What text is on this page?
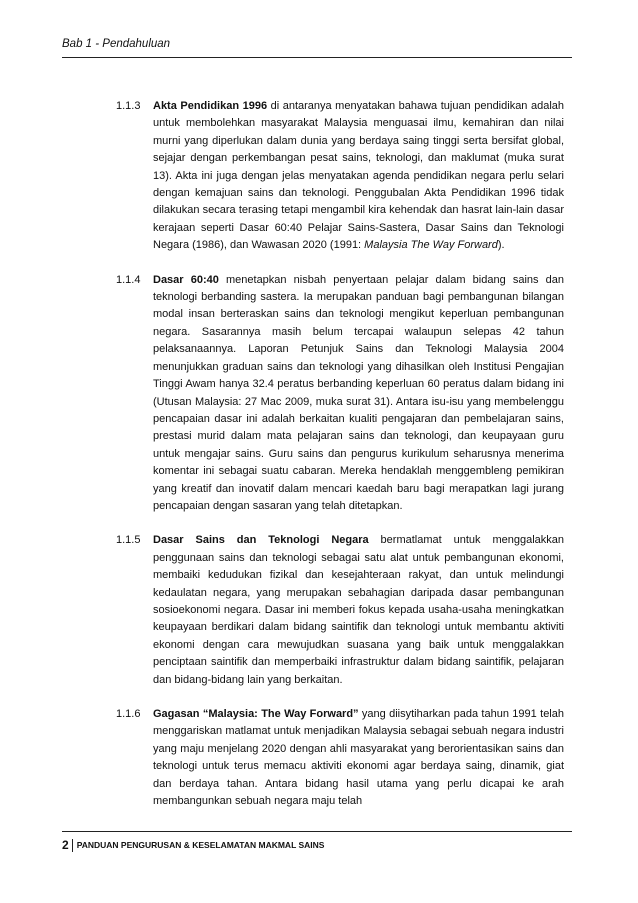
Bab 1 - Pendahuluan
1.1.3 Akta Pendidikan 1996 di antaranya menyatakan bahawa tujuan pendidikan adalah untuk membolehkan masyarakat Malaysia menguasai ilmu, kemahiran dan nilai murni yang diperlukan dalam dunia yang berdaya saing tinggi serta bersifat global, sejajar dengan perkembangan pesat sains, teknologi, dan maklumat (muka surat 13). Akta ini juga dengan jelas menyatakan agenda pendidikan negara perlu selari dengan kemajuan sains dan teknologi. Penggubalan Akta Pendidikan 1996 tidak dilakukan secara terasing tetapi mengambil kira kehendak dan hasrat lain-lain dasar kerajaan seperti Dasar 60:40 Pelajar Sains-Sastera, Dasar Sains dan Teknologi Negara (1986), dan Wawasan 2020 (1991: Malaysia The Way Forward).
1.1.4 Dasar 60:40 menetapkan nisbah penyertaan pelajar dalam bidang sains dan teknologi berbanding sastera. Ia merupakan panduan bagi pembangunan bilangan modal insan berteraskan sains dan teknologi mengikut keperluan pembangunan negara. Sasarannya masih belum tercapai walaupun selepas 42 tahun pelaksanaannya. Laporan Petunjuk Sains dan Teknologi Malaysia 2004 menunjukkan graduan sains dan teknologi yang dihasilkan oleh Institusi Pengajian Tinggi Awam hanya 32.4 peratus berbanding keperluan 60 peratus dalam bidang ini (Utusan Malaysia: 27 Mac 2009, muka surat 31). Antara isu-isu yang membelenggu pencapaian dasar ini adalah berkaitan kualiti pengajaran dan pembelajaran sains, prestasi murid dalam mata pelajaran sains dan teknologi, dan keupayaan guru untuk mengajar sains. Guru sains dan pengurus kurikulum seharusnya menerima komentar ini sebagai suatu cabaran. Mereka hendaklah menggembleng pemikiran yang kreatif dan inovatif dalam mencari kaedah baru bagi merapatkan lagi jurang pencapaian dengan sasaran yang telah ditetapkan.
1.1.5 Dasar Sains dan Teknologi Negara bermatlamat untuk menggalakkan penggunaan sains dan teknologi sebagai satu alat untuk pembangunan ekonomi, membaiki kedudukan fizikal dan kesejahteraan rakyat, dan untuk melindungi kedaulatan negara, yang merupakan sebahagian daripada dasar pembangunan sosioekonomi negara. Dasar ini memberi fokus kepada usaha-usaha meningkatkan keupayaan berdikari dalam bidang saintifik dan teknologi untuk membantu aktiviti ekonomi dengan cara mewujudkan suasana yang baik untuk menggalakkan penciptaan saintifik dan memperbaiki infrastruktur dalam bidang saintifik, pelajaran dan bidang-bidang lain yang berkaitan.
1.1.6 Gagasan “Malaysia: The Way Forward” yang diisytiharkan pada tahun 1991 telah menggariskan matlamat untuk menjadikan Malaysia sebagai sebuah negara industri yang maju menjelang 2020 dengan ahli masyarakat yang berorientasikan sains dan teknologi untuk terus memacu aktiviti ekonomi agar berdaya saing, dinamik, giat dan berdaya tahan. Antara bidang hasil utama yang perlu dicapai ke arah membangunkan sebuah negara maju telah
2 PANDUAN PENGURUSAN & KESELAMATAN MAKMAL SAINS
